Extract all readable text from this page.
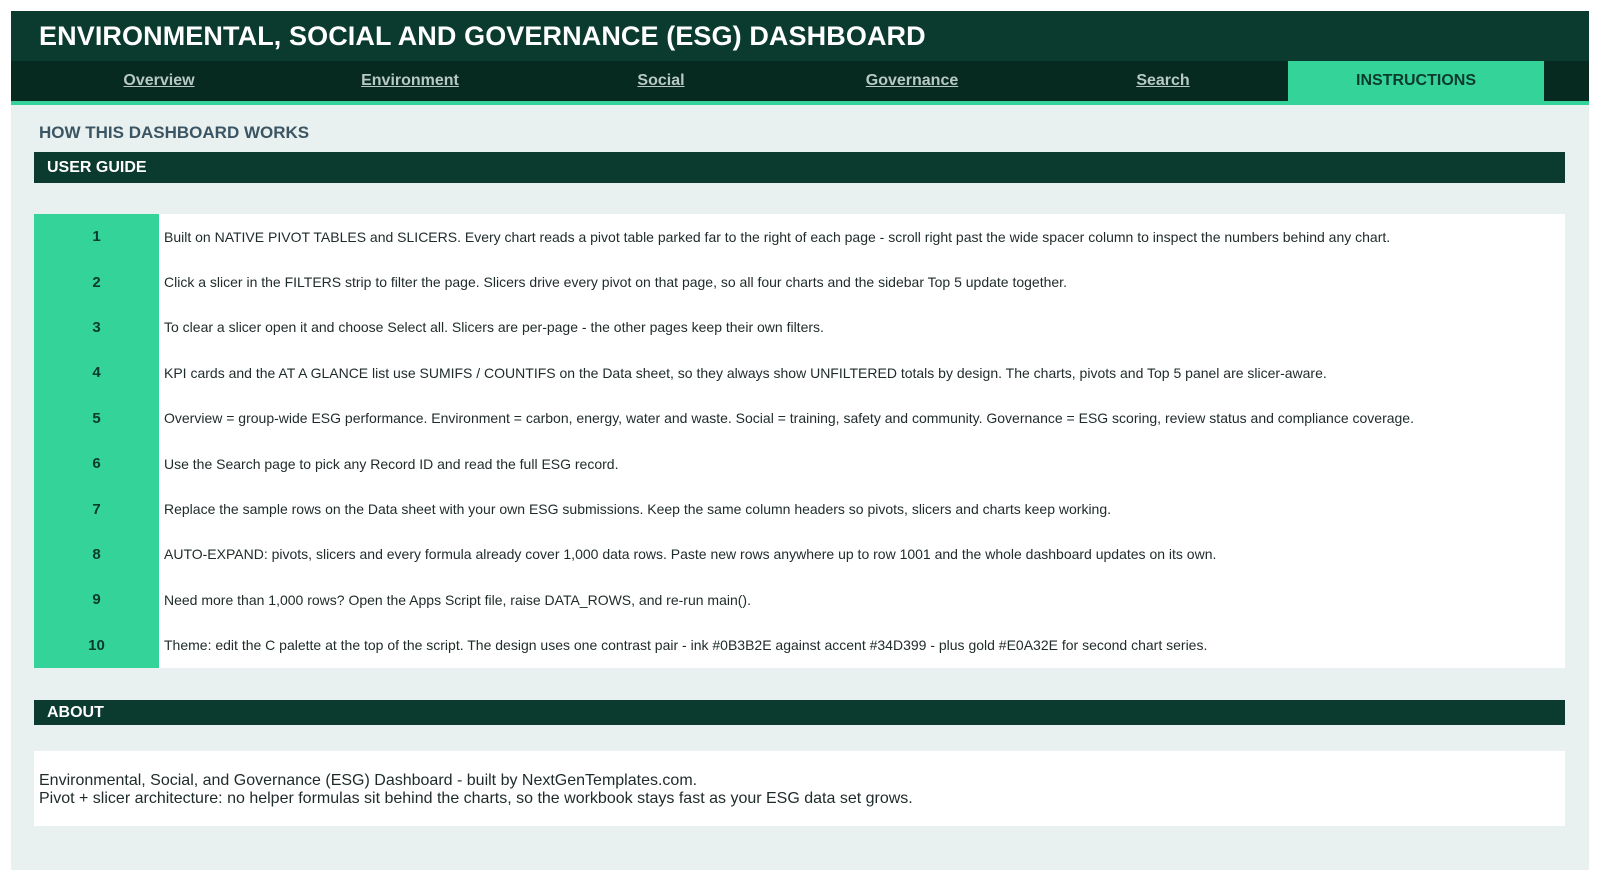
ENVIRONMENTAL, SOCIAL AND GOVERNANCE (ESG) DASHBOARD
Overview	Environment	Social	Governance	Search	INSTRUCTIONS
HOW THIS DASHBOARD WORKS
USER GUIDE
1	Built on NATIVE PIVOT TABLES and SLICERS. Every chart reads a pivot table parked far to the right of each page - scroll right past the wide spacer column to inspect the numbers behind any chart.
2	Click a slicer in the FILTERS strip to filter the page. Slicers drive every pivot on that page, so all four charts and the sidebar Top 5 update together.
3	To clear a slicer open it and choose Select all. Slicers are per-page - the other pages keep their own filters.
4	KPI cards and the AT A GLANCE list use SUMIFS / COUNTIFS on the Data sheet, so they always show UNFILTERED totals by design. The charts, pivots and Top 5 panel are slicer-aware.
5	Overview = group-wide ESG performance. Environment = carbon, energy, water and waste. Social = training, safety and community. Governance = ESG scoring, review status and compliance coverage.
6	Use the Search page to pick any Record ID and read the full ESG record.
7	Replace the sample rows on the Data sheet with your own ESG submissions. Keep the same column headers so pivots, slicers and charts keep working.
8	AUTO-EXPAND: pivots, slicers and every formula already cover 1,000 data rows. Paste new rows anywhere up to row 1001 and the whole dashboard updates on its own.
9	Need more than 1,000 rows? Open the Apps Script file, raise DATA_ROWS, and re-run main().
10	Theme: edit the C palette at the top of the script. The design uses one contrast pair - ink #0B3B2E against accent #34D399 - plus gold #E0A32E for second chart series.
ABOUT
Environmental, Social, and Governance (ESG) Dashboard - built by NextGenTemplates.com.
Pivot + slicer architecture: no helper formulas sit behind the charts, so the workbook stays fast as your ESG data set grows.
